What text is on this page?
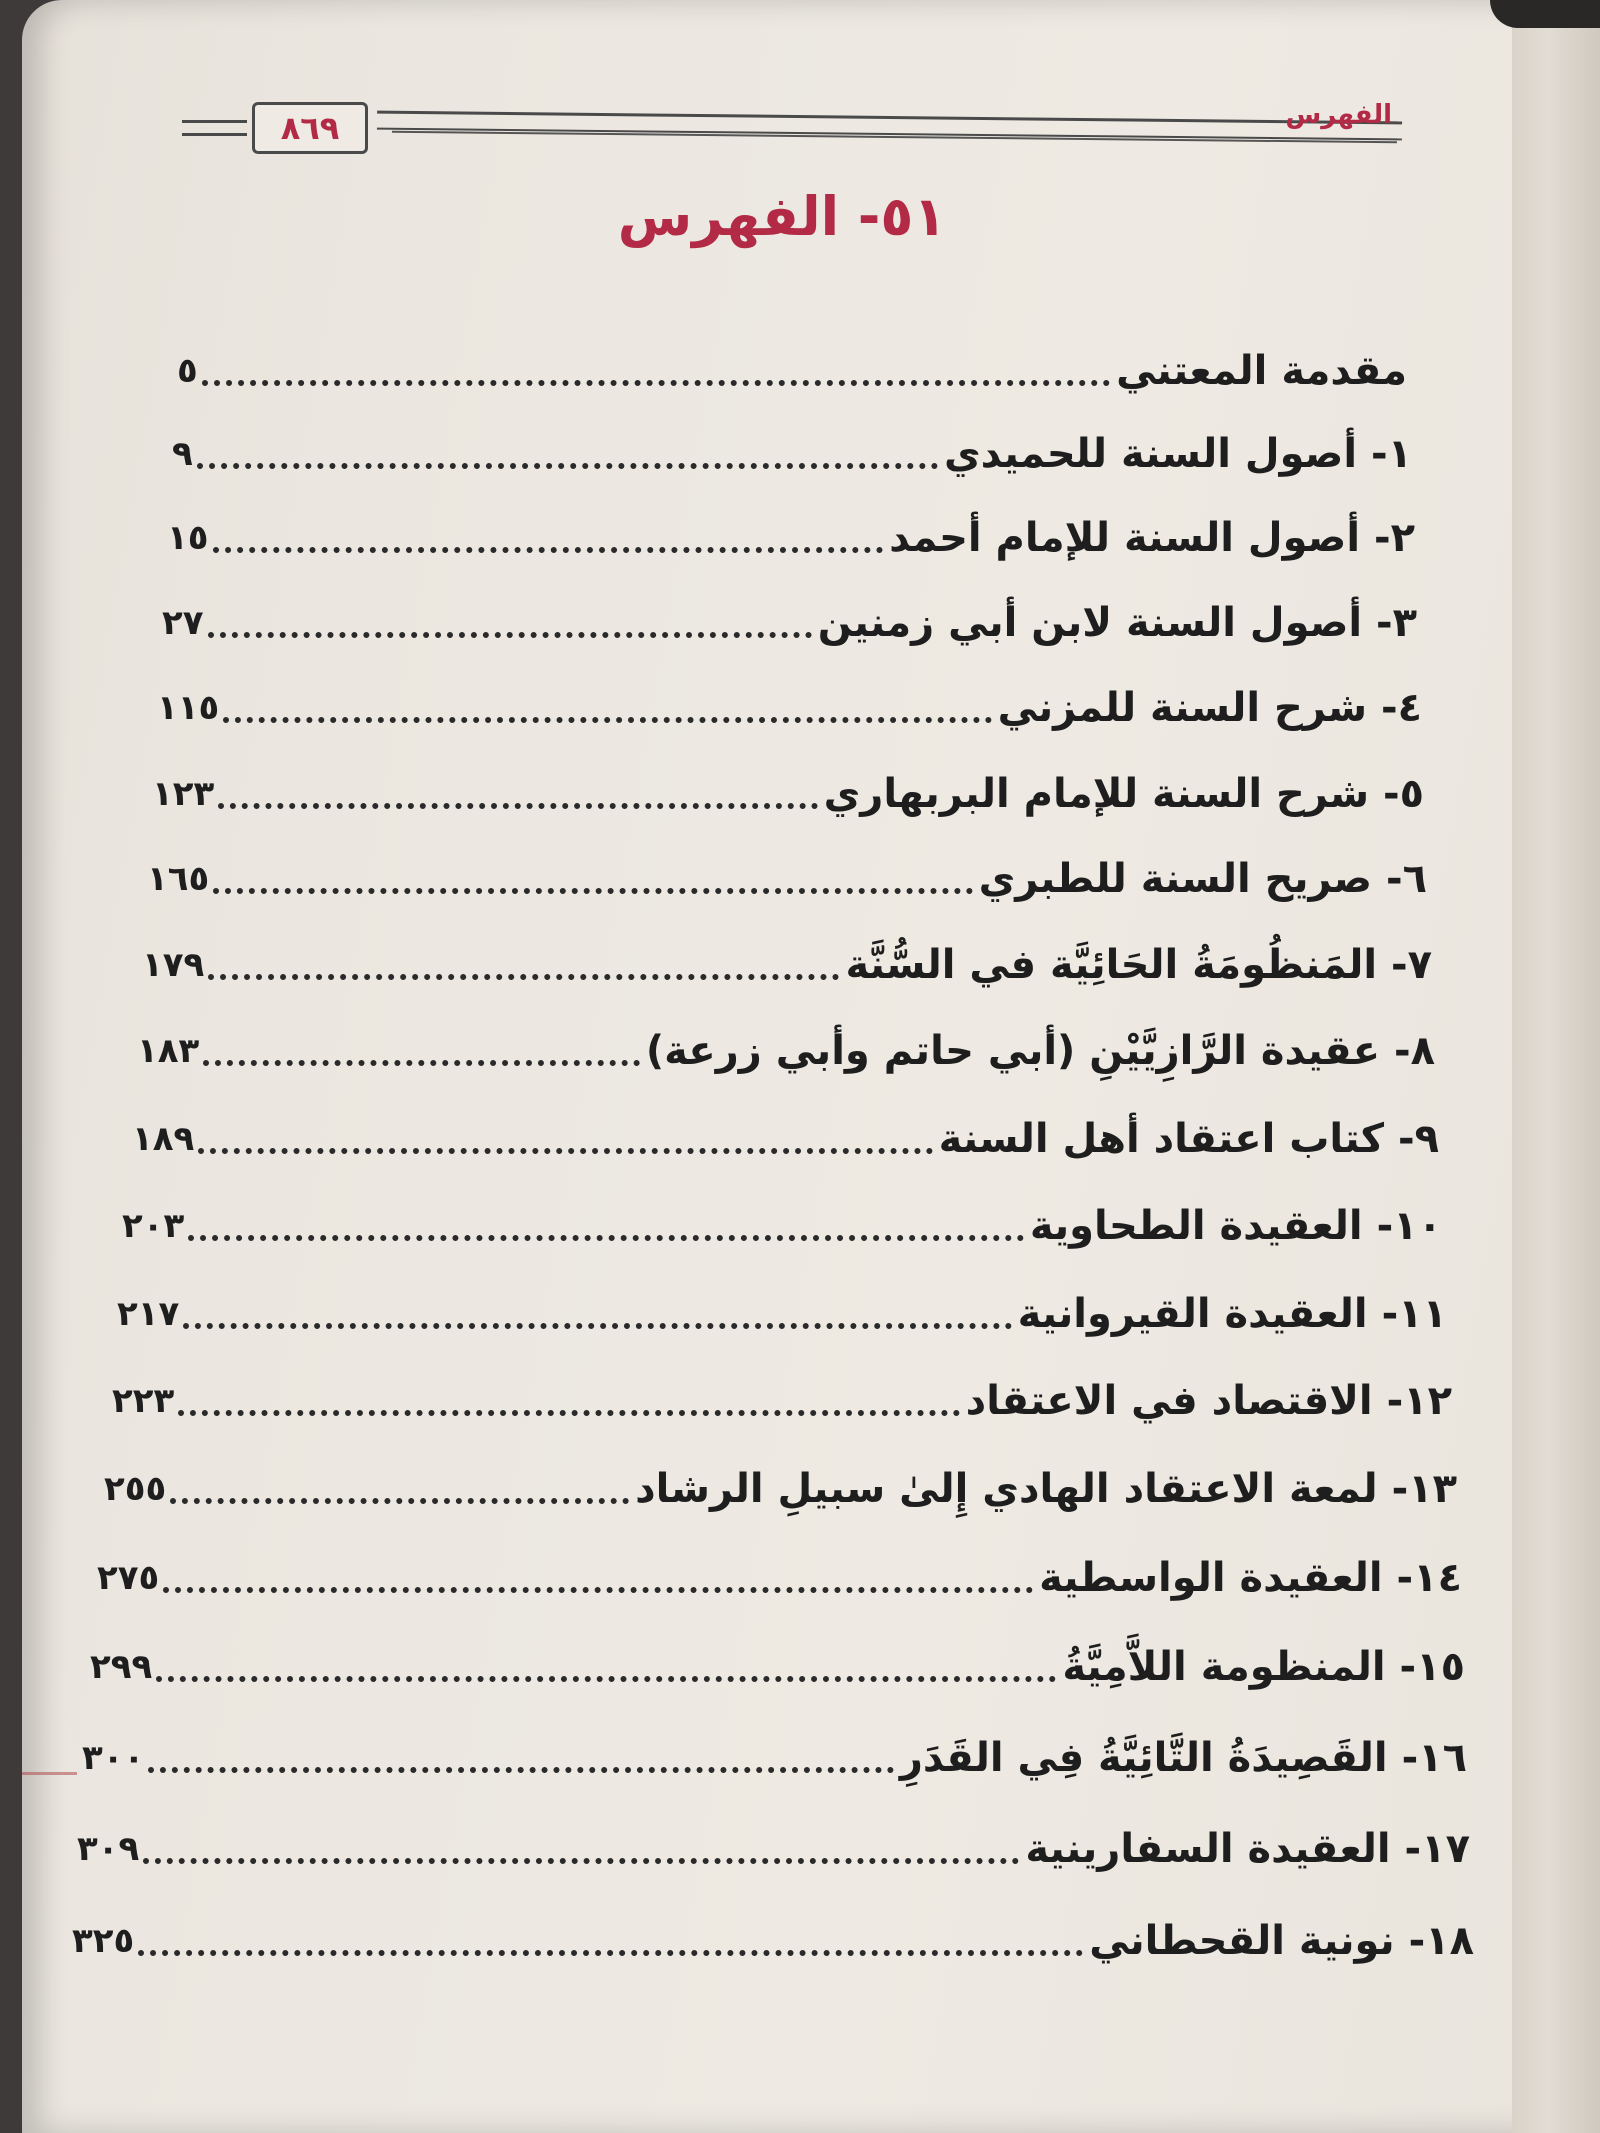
٨٦٩	الفهرس
٥١- الفهرس
مقدمة المعتني
٥
١- أصول السنة للحميدي
٩
٢- أصول السنة للإمام أحمد
١٥
٣- أصول السنة لابن أبي زمنين
٢٧
٤- شرح السنة للمزني
١١٥
٥- شرح السنة للإمام البربهاري
١٢٣
٦- صريح السنة للطبري
١٦٥
٧- المَنظُومَةُ الحَائِيَّة في السُّنَّة
١٧٩
٨- عقيدة الرَّازِيَّيْنِ (أبي حاتم وأبي زرعة)
١٨٣
٩- كتاب اعتقاد أهل السنة
١٨٩
١٠- العقيدة الطحاوية
٢٠٣
١١- العقيدة القيروانية
٢١٧
١٢- الاقتصاد في الاعتقاد
٢٢٣
١٣- لمعة الاعتقاد الهادي إِلىٰ سبيلِ الرشاد
٢٥٥
١٤- العقيدة الواسطية
٢٧٥
١٥- المنظومة اللاَّمِيَّةُ
٢٩٩
١٦- القَصِيدَةُ التَّائِيَّةُ فِي القَدَرِ
٣٠٠
١٧- العقيدة السفارينية
٣٠٩
١٨- نونية القحطاني
٣٢٥
